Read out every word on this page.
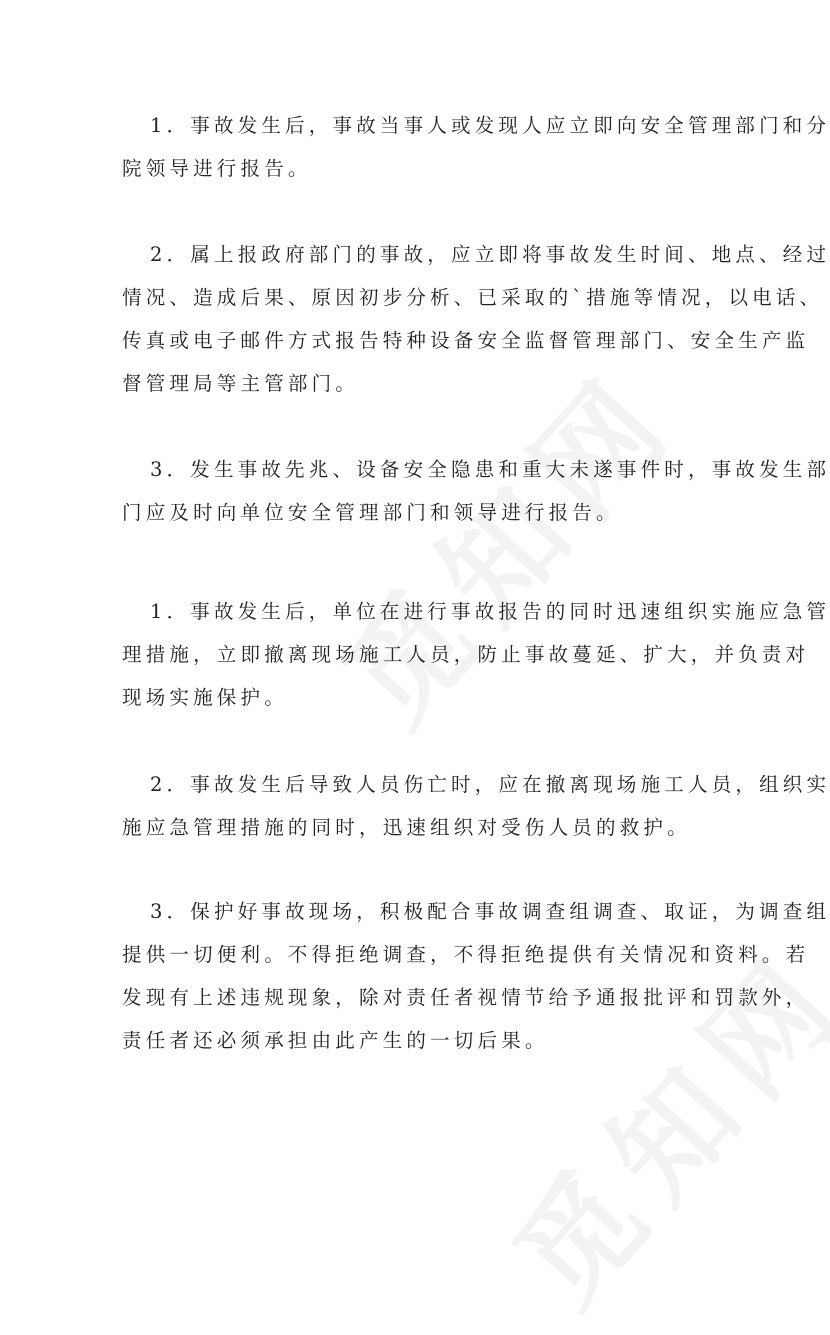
1．事故发生后，事故当事人或发现人应立即向安全管理部门和分
院领导进行报告。
2．属上报政府部门的事故，应立即将事故发生时间、地点、经过
情况、造成后果、原因初步分析、已采取的`措施等情况，以电话、
传真或电子邮件方式报告特种设备安全监督管理部门、安全生产监
督管理局等主管部门。
3．发生事故先兆、设备安全隐患和重大未遂事件时，事故发生部
门应及时向单位安全管理部门和领导进行报告。
1．事故发生后，单位在进行事故报告的同时迅速组织实施应急管
理措施，立即撤离现场施工人员，防止事故蔓延、扩大，并负责对
现场实施保护。
2．事故发生后导致人员伤亡时，应在撤离现场施工人员，组织实
施应急管理措施的同时，迅速组织对受伤人员的救护。
3．保护好事故现场，积极配合事故调查组调查、取证，为调查组
提供一切便利。不得拒绝调查，不得拒绝提供有关情况和资料。若
发现有上述违规现象，除对责任者视情节给予通报批评和罚款外，
责任者还必须承担由此产生的一切后果。
